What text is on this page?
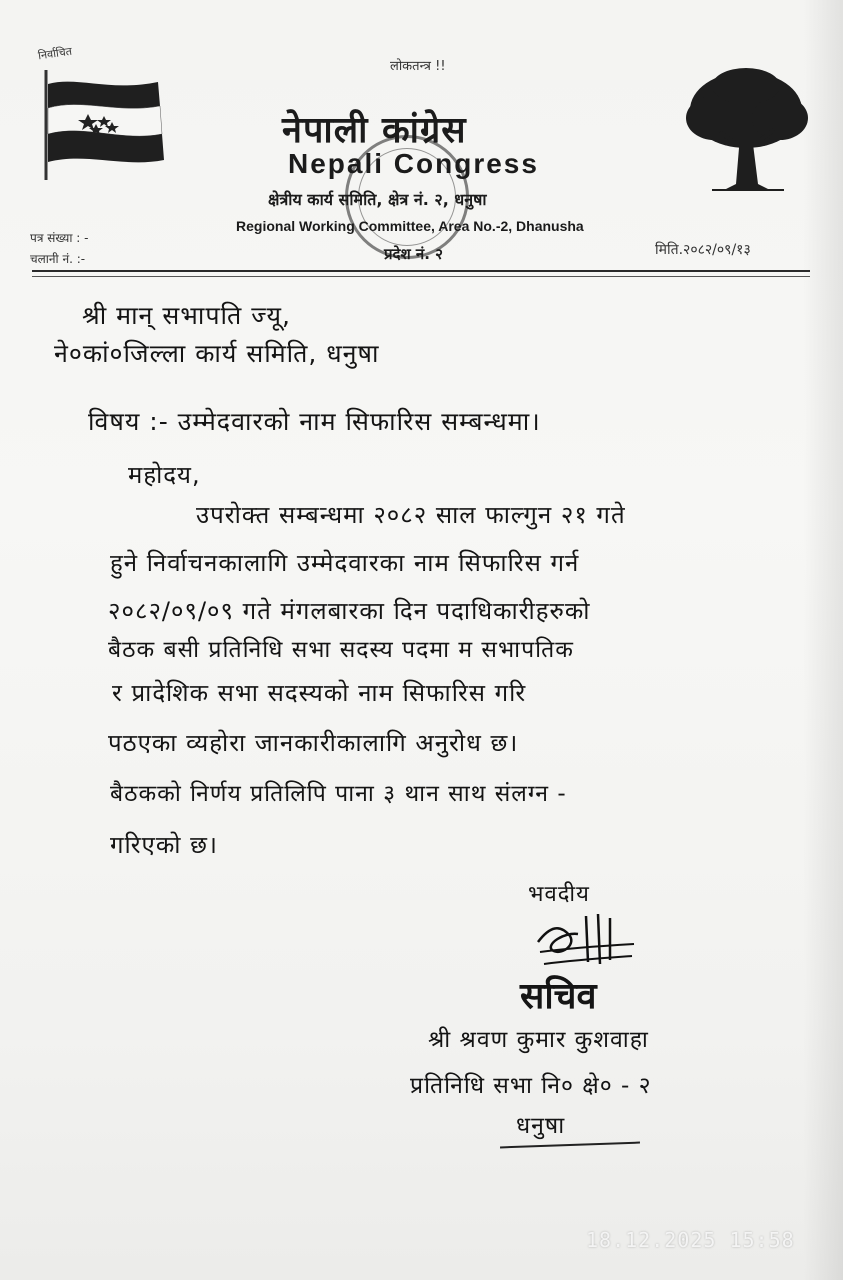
निर्वाचित
लोकतन्त्र !!
नेपाली कांग्रेस
Nepali Congress
क्षेत्रीय कार्य समिति, क्षेत्र नं. २, धनुषा
Regional Working Committee, Area No.-2, Dhanusha
प्रदेश नं. २
पत्र संख्या : -
चलानी नं. :-
मिति.२०८२/०९/१३
श्री मान् सभापति ज्यू,
ने०कां०जिल्ला कार्य समिति, धनुषा
विषय :- उम्मेदवारको नाम सिफारिस सम्बन्धमा।
महोदय,
उपरोक्त सम्बन्धमा २०८२ साल फाल्गुन २१ गते
हुने निर्वाचनकालागि उम्मेदवारका नाम सिफारिस गर्न
२०८२/०९/०९ गते मंगलबारका दिन पदाधिकारीहरुको
बैठक बसी प्रतिनिधि सभा सदस्य पदमा म सभापतिक
र प्रादेशिक सभा सदस्यको नाम सिफारिस गरि
पठएका व्यहोरा जानकारीकालागि अनुरोध छ।
बैठकको निर्णय प्रतिलिपि पाना ३ थान साथ संलग्न -
गरिएको छ।
भवदीय
सचिव
श्री श्रवण कुमार कुशवाहा
प्रतिनिधि सभा नि० क्षे० - २
धनुषा
18.12.2025 15:58
